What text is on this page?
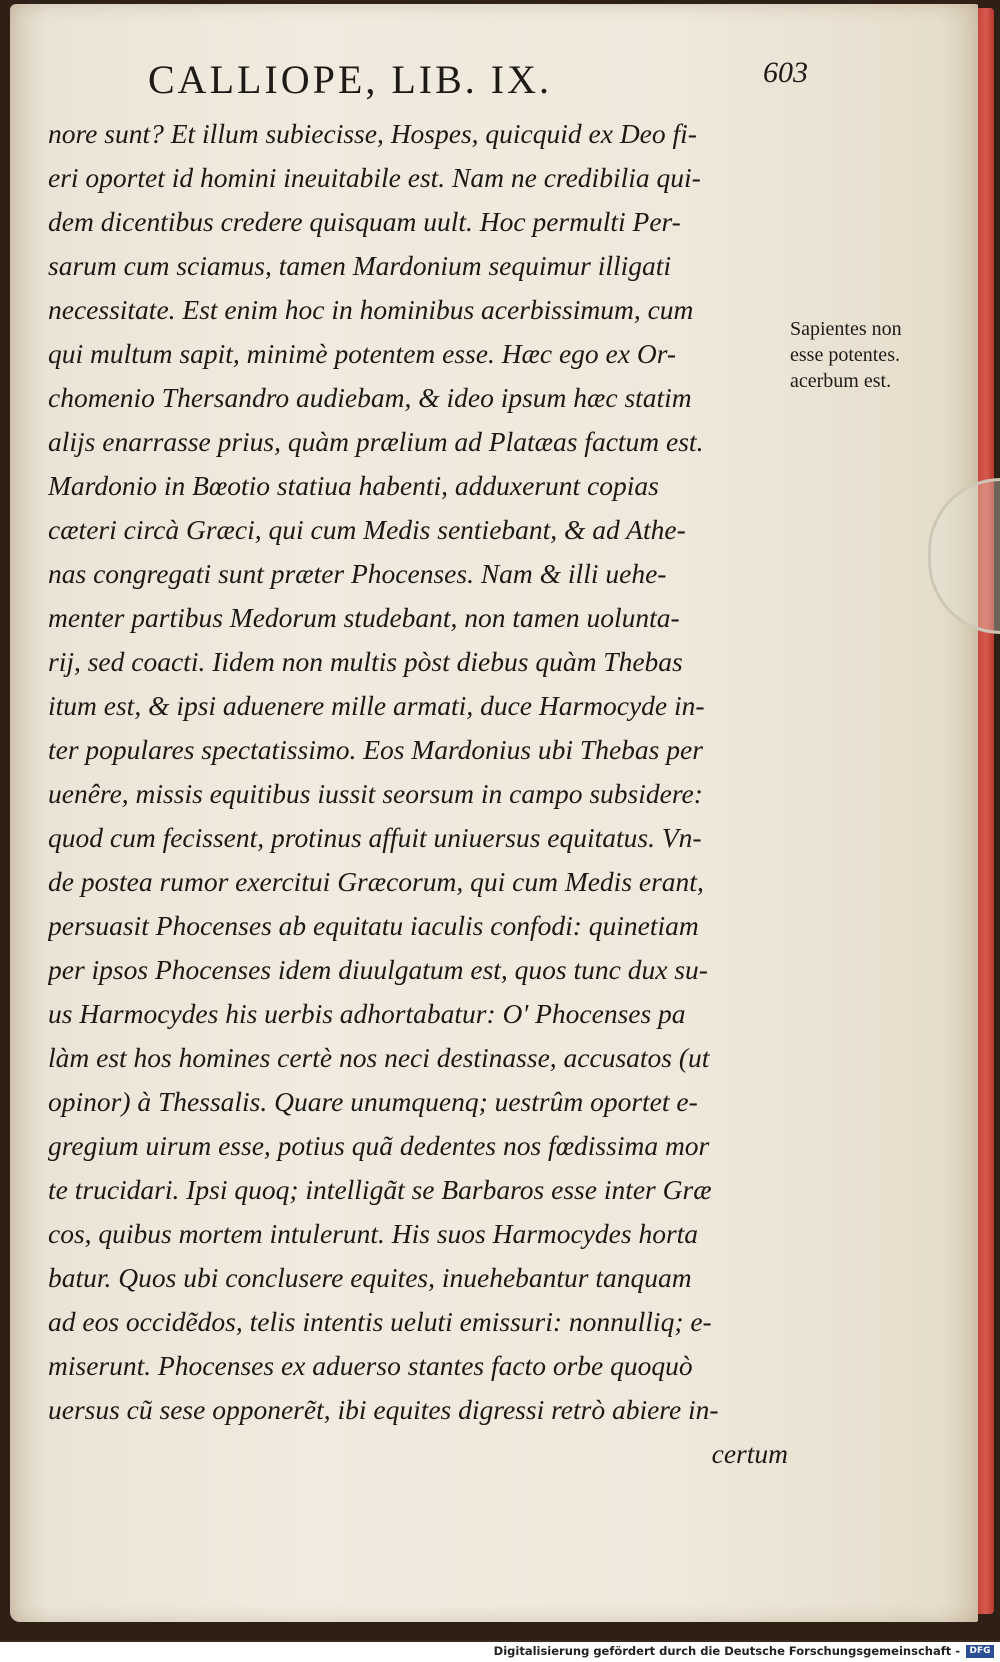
CALLIOPE, LIB. IX.	603
nore sunt? Et illum subiecisse, Hospes, quicquid ex Deo fi-
eri oportet id homini ineuitabile est. Nam ne credibilia qui-
dem dicentibus credere quisquam uult. Hoc permulti Per-
sarum cum sciamus, tamen Mardonium sequimur illigati
necessitate. Est enim hoc in hominibus acerbissimum, cum
qui multum sapit, minimè potentem esse. Hæc ego ex Or-
chomenio Thersandro audiebam, & ideo ipsum hæc statim
alijs enarrasse prius, quàm prælium ad Platæas factum est.
Mardonio in Bœotio statiua habenti, adduxerunt copias
cæteri circà Græci, qui cum Medis sentiebant, & ad Athe-
nas congregati sunt præter Phocenses. Nam & illi uehe-
menter partibus Medorum studebant, non tamen uolunta-
rij, sed coacti. Iidem non multis pòst diebus quàm Thebas
itum est, & ipsi aduenere mille armati, duce Harmocyde in-
ter populares spectatissimo. Eos Mardonius ubi Thebas per
uenêre, missis equitibus iussit seorsum in campo subsidere:
quod cum fecissent, protinus affuit uniuersus equitatus. Vn-
de postea rumor exercitui Græcorum, qui cum Medis erant,
persuasit Phocenses ab equitatu iaculis confodi: quinetiam
per ipsos Phocenses idem diuulgatum est, quos tunc dux su-
us Harmocydes his uerbis adhortabatur: O' Phocenses pa
làm est hos homines certè nos neci destinasse, accusatos (ut
opinor) à Thessalis. Quare unumquenq; uestrûm oportet e-
gregium uirum esse, potius quã dedentes nos fœdissima mor
te trucidari. Ipsi quoq; intelligãt se Barbaros esse inter Græ
cos, quibus mortem intulerunt. His suos Harmocydes horta
batur. Quos ubi conclusere equites, inuehebantur tanquam
ad eos occidẽdos, telis intentis ueluti emissuri: nonnulliq; e-
miserunt. Phocenses ex aduerso stantes facto orbe quoquò
uersus cũ sese opponerẽt, ibi equites digressi retrò abiere in-
certum
Sapientes non
esse potentes.
acerbum est.
Digitalisierung gefördert durch die Deutsche Forschungsgemeinschaft -	DFG
